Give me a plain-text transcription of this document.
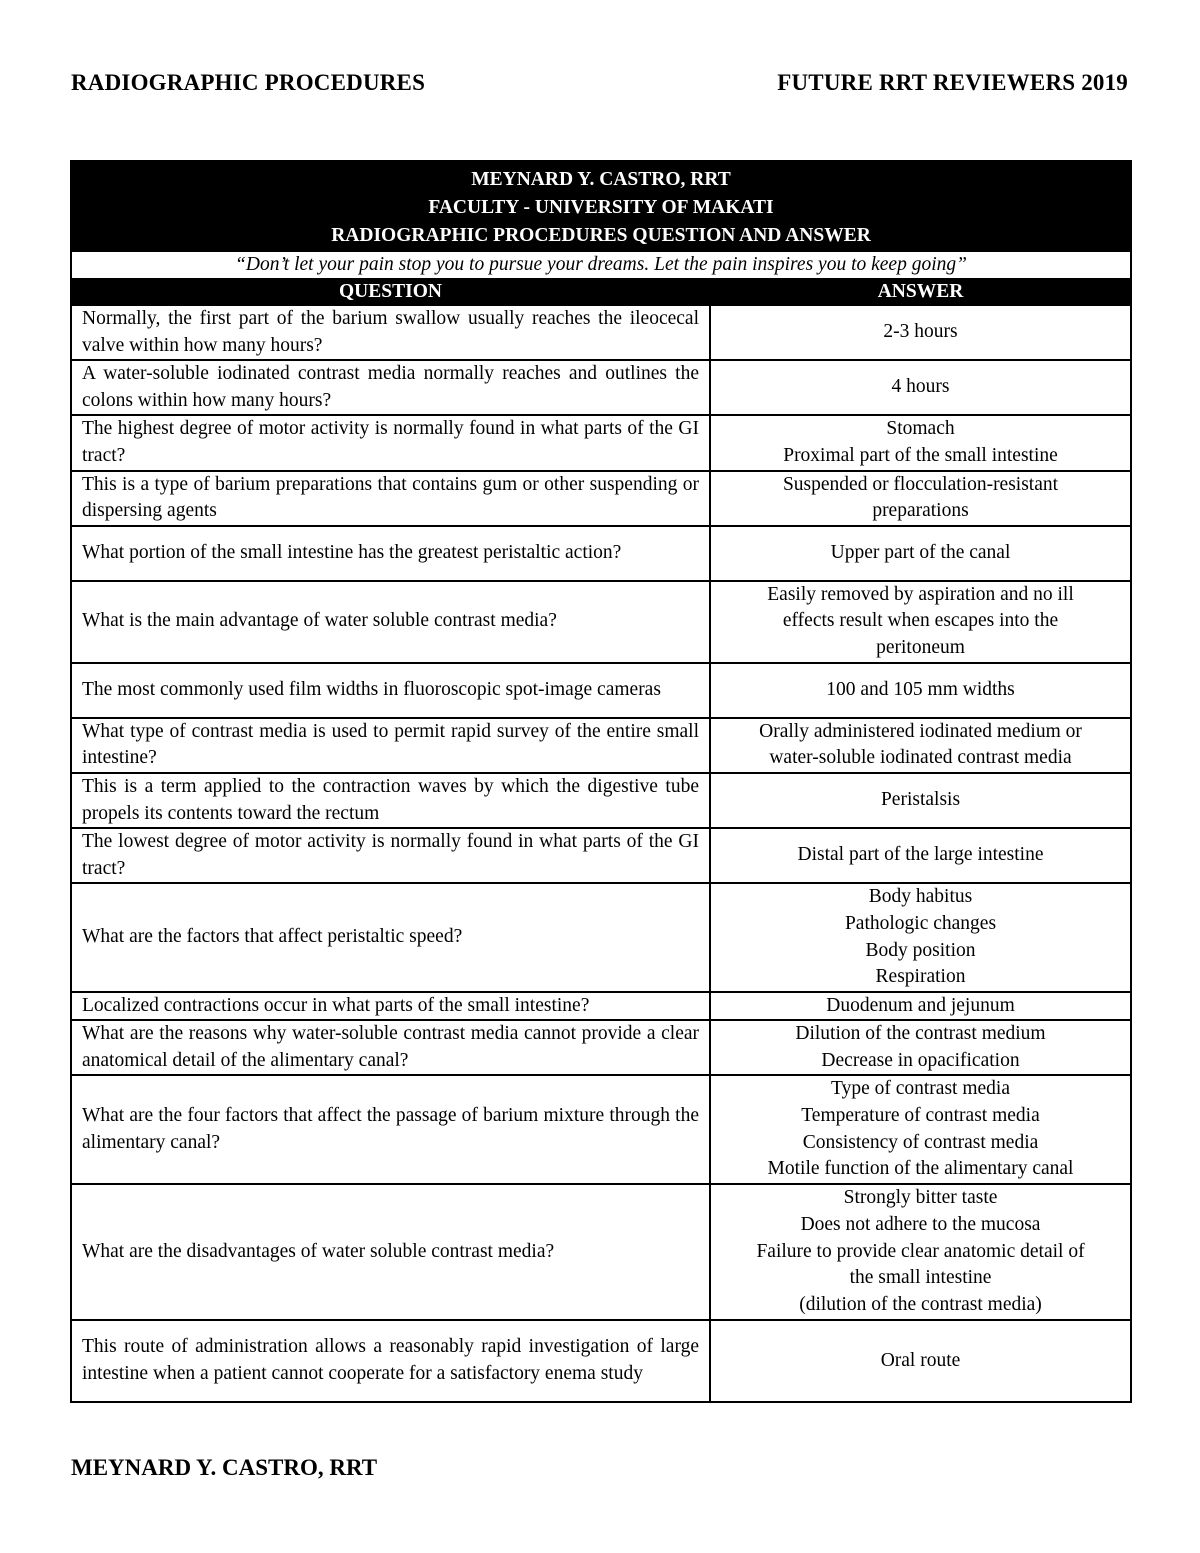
RADIOGRAPHIC PROCEDURES	FUTURE RRT REVIEWERS 2019
MEYNARD Y. CASTRO, RRT
FACULTY - UNIVERSITY OF MAKATI
RADIOGRAPHIC PROCEDURES QUESTION AND ANSWER	

“Don’t let your pain stop you to pursue your dreams. Let the pain inspires you to keep going”	
QUESTION	ANSWER
Normally, the first part of the barium swallow usually reaches the ileocecal valve within how many hours?	2-3 hours

A water-soluble iodinated contrast media normally reaches and outlines the colons within how many hours?	4 hours

The highest degree of motor activity is normally found in what parts of the GI tract?	Stomach
Proximal part of the small intestine

This is a type of barium preparations that contains gum or other suspending or dispersing agents	Suspended or flocculation-resistant
preparations

What portion of the small intestine has the greatest peristaltic action?	Upper part of the canal

What is the main advantage of water soluble contrast media?	Easily removed by aspiration and no ill
effects result when escapes into the
peritoneum

The most commonly used film widths in fluoroscopic spot-image cameras	100 and 105 mm widths

What type of contrast media is used to permit rapid survey of the entire small intestine?	Orally administered iodinated medium or
water-soluble iodinated contrast media

This is a term applied to the contraction waves by which the digestive tube propels its contents toward the rectum	Peristalsis

The lowest degree of motor activity is normally found in what parts of the GI tract?	Distal part of the large intestine

What are the factors that affect peristaltic speed?	Body habitus
Pathologic changes
Body position
Respiration

Localized contractions occur in what parts of the small intestine?	Duodenum and jejunum

What are the reasons why water-soluble contrast media cannot provide a clear anatomical detail of the alimentary canal?	Dilution of the contrast medium
Decrease in opacification

What are the four factors that affect the passage of barium mixture through the alimentary canal?	Type of contrast media
Temperature of contrast media
Consistency of contrast media
Motile function of the alimentary canal

What are the disadvantages of water soluble contrast media?	Strongly bitter taste
Does not adhere to the mucosa
Failure to provide clear anatomic detail of
the small intestine
(dilution of the contrast media)

This route of administration allows a reasonably rapid investigation of large intestine when a patient cannot cooperate for a satisfactory enema study	Oral route
MEYNARD Y. CASTRO, RRT
